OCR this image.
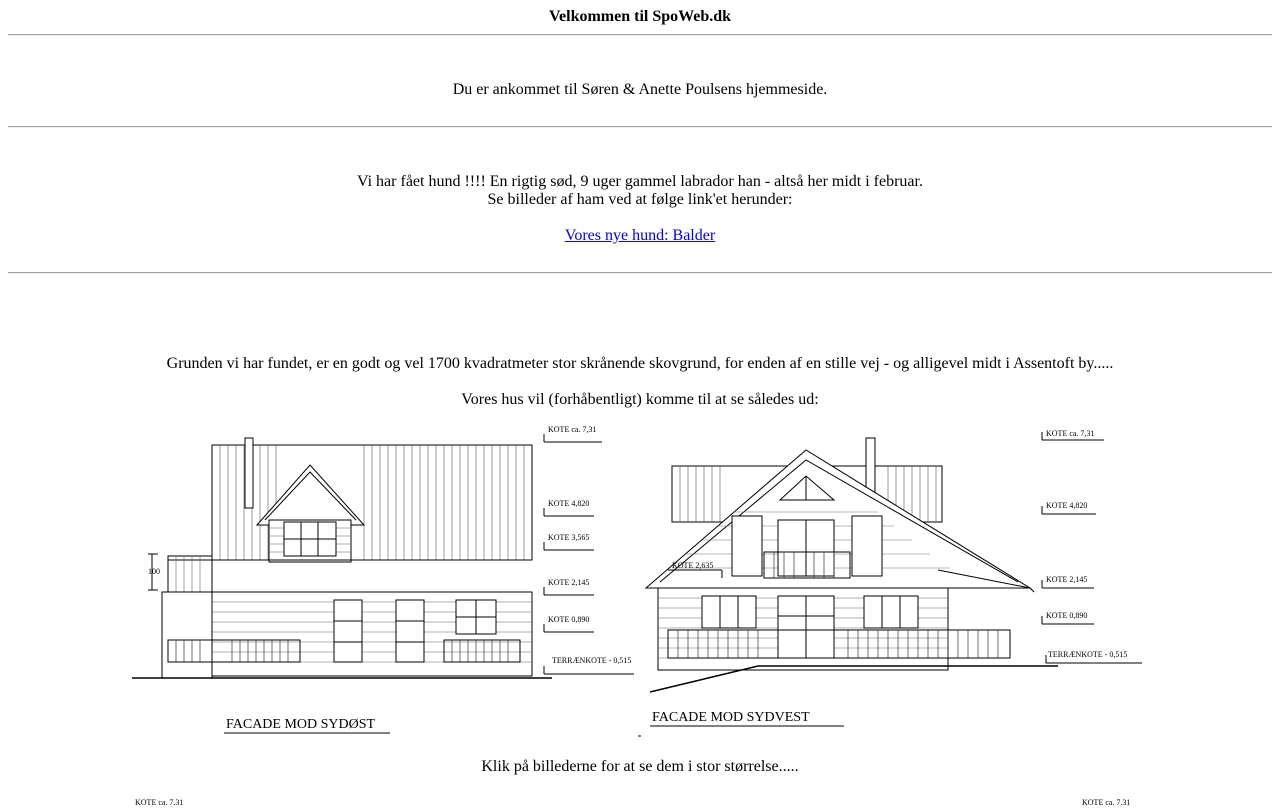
Velkommen til SpoWeb.dk

Du er ankommet til Søren & Anette Poulsens hjemmeside.

Vi har fået hund !!!! En rigtig sød, 9 uger gammel labrador han - altså her midt i februar.

Se billeder af ham ved at følge link'et herunder:

Vores nye hund: Balder

Grunden vi har fundet, er en godt og vel 1700 kvadratmeter stor skrånende skovgrund, for enden af en stille vej - og alligevel midt i Assentoft by.....

Vores hus vil (forhåbentligt) komme til at se således ud:

KOTE ca. 7,31
KOTE 4,820
KOTE 3,565
KOTE 2,145
KOTE 0,890
TERRÆNKOTE - 0,515
100
FACADE MOD SYDØST
KOTE ca. 7,31
KOTE 4,820
KOTE 2,635
KOTE 2,145
KOTE 0,890
TERRÆNKOTE - 0,515
FACADE MOD SYDVEST
Klik på billederne for at se dem i stor størrelse.....
KOTE ca. 7,31	KOTE ca. 7,31
